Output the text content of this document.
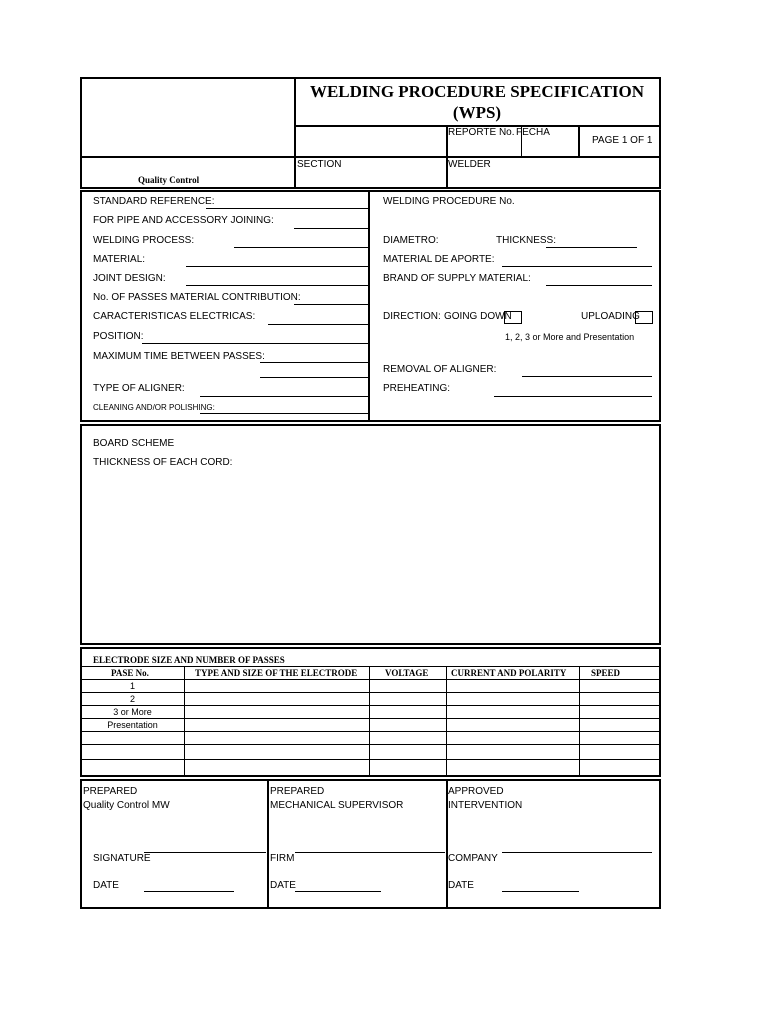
WELDING PROCEDURE SPECIFICATION
(WPS)
REPORTE No. FECHA
PAGE 1 OF 1
SECTION	WELDER
Quality Control
STANDARD REFERENCE:
FOR PIPE AND ACCESSORY JOINING:
WELDING PROCESS:
MATERIAL:
JOINT DESIGN:
No. OF PASSES MATERIAL CONTRIBUTION:
CARACTERISTICAS ELECTRICAS:
POSITION:
MAXIMUM TIME BETWEEN PASSES:
TYPE OF ALIGNER:
CLEANING AND/OR POLISHING:
WELDING PROCEDURE No.
DIAMETRO:	THICKNESS:
MATERIAL DE APORTE:
BRAND OF SUPPLY MATERIAL:
DIRECTION: GOING DOWN	UPLOADING
1, 2, 3 or More and Presentation
REMOVAL OF ALIGNER:
PREHEATING:
BOARD SCHEME
THICKNESS OF EACH CORD:
ELECTRODE SIZE AND NUMBER OF PASSES
PASE No.	TYPE AND SIZE OF THE ELECTRODE	VOLTAGE	CURRENT AND POLARITY	SPEED
1
2
3 or More
Presentation
PREPARED
Quality Control MW
SIGNATURE
DATE
PREPARED
MECHANICAL SUPERVISOR
FIRM
DATE
APPROVED
INTERVENTION
COMPANY
DATE
